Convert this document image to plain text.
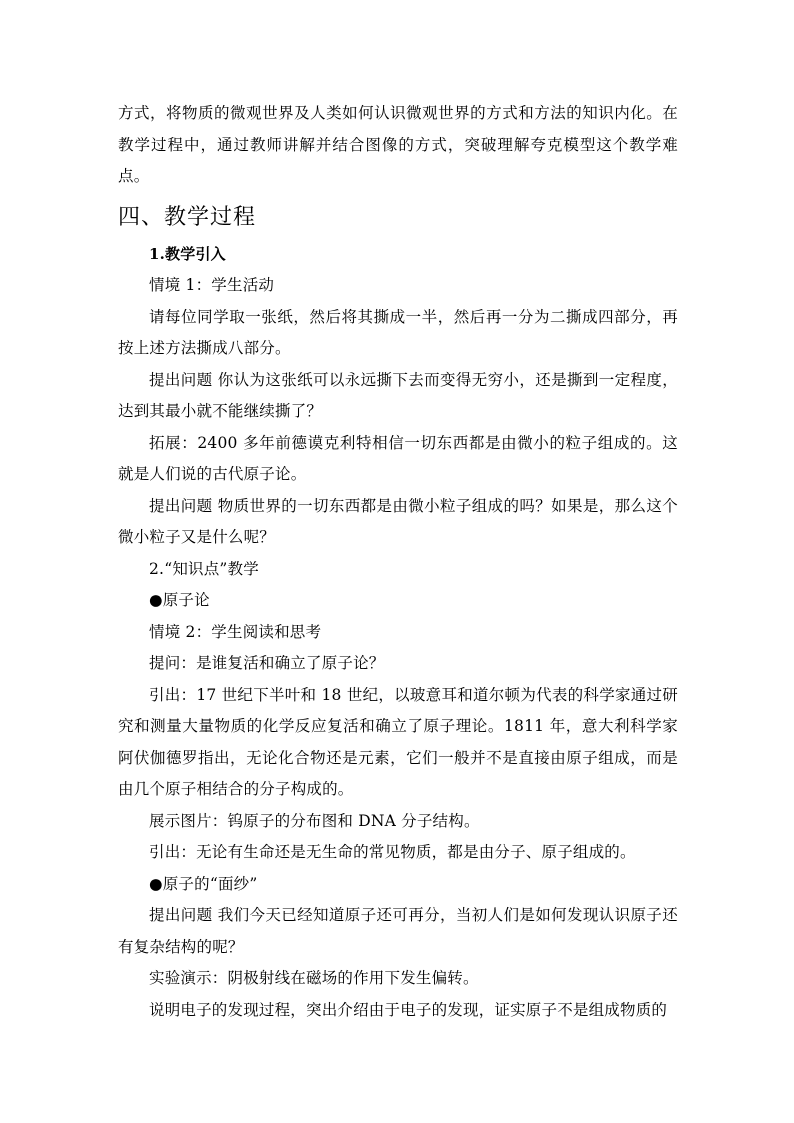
方式，将物质的微观世界及人类如何认识微观世界的方式和方法的知识内化。在教学过程中，通过教师讲解并结合图像的方式，突破理解夸克模型这个教学难点。

四、教学过程

1.教学引入

情境 1：学生活动

请每位同学取一张纸，然后将其撕成一半，然后再一分为二撕成四部分，再按上述方法撕成八部分。

提出问题 你认为这张纸可以永远撕下去而变得无穷小，还是撕到一定程度，达到其最小就不能继续撕了？

拓展：2400 多年前德谟克利特相信一切东西都是由微小的粒子组成的。这就是人们说的古代原子论。

提出问题 物质世界的一切东西都是由微小粒子组成的吗？如果是，那么这个微小粒子又是什么呢？

2.“知识点”教学

●原子论

情境 2：学生阅读和思考

提问：是谁复活和确立了原子论？

引出：17 世纪下半叶和 18 世纪，以玻意耳和道尔顿为代表的科学家通过研究和测量大量物质的化学反应复活和确立了原子理论。1811 年，意大利科学家阿伏伽德罗指出，无论化合物还是元素，它们一般并不是直接由原子组成，而是由几个原子相结合的分子构成的。

展示图片：钨原子的分布图和 DNA 分子结构。

引出：无论有生命还是无生命的常见物质，都是由分子、原子组成的。

●原子的“面纱”

提出问题 我们今天已经知道原子还可再分，当初人们是如何发现认识原子还有复杂结构的呢？

实验演示：阴极射线在磁场的作用下发生偏转。

说明电子的发现过程，突出介绍由于电子的发现，证实原子不是组成物质的
